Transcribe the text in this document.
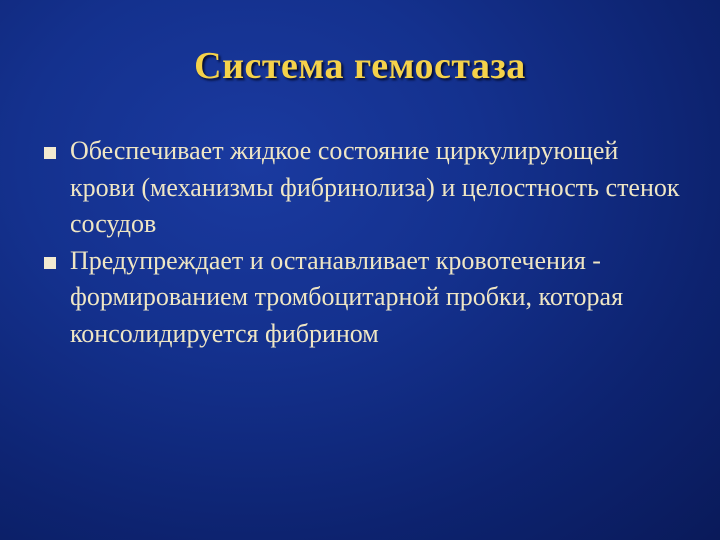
Система гемостаза
Обеспечивает жидкое состояние циркулирующей крови (механизмы фибринолиза) и целостность стенок сосудов
Предупреждает и останавливает кровотечения - формированием тромбоцитарной пробки, которая консолидируется фибрином
